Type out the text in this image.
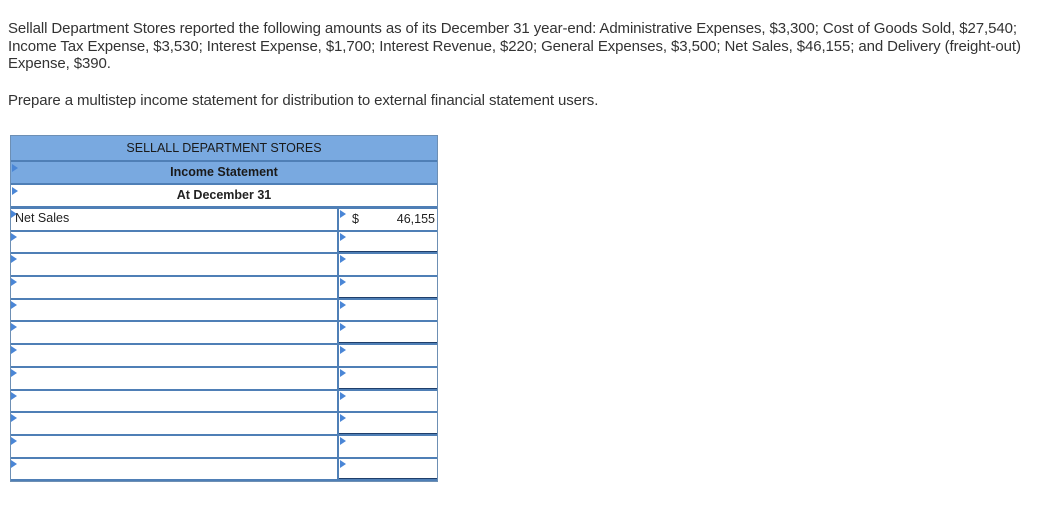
Sellall Department Stores reported the following amounts as of its December 31 year-end: Administrative Expenses, $3,300; Cost of Goods Sold, $27,540; Income Tax Expense, $3,530; Interest Expense, $1,700; Interest Revenue, $220; General Expenses, $3,500; Net Sales, $46,155; and Delivery (freight-out) Expense, $390.
Prepare a multistep income statement for distribution to external financial statement users.
SELLALL DEPARTMENT STORES
Income Statement
At December 31
Net Sales	$	46,155
